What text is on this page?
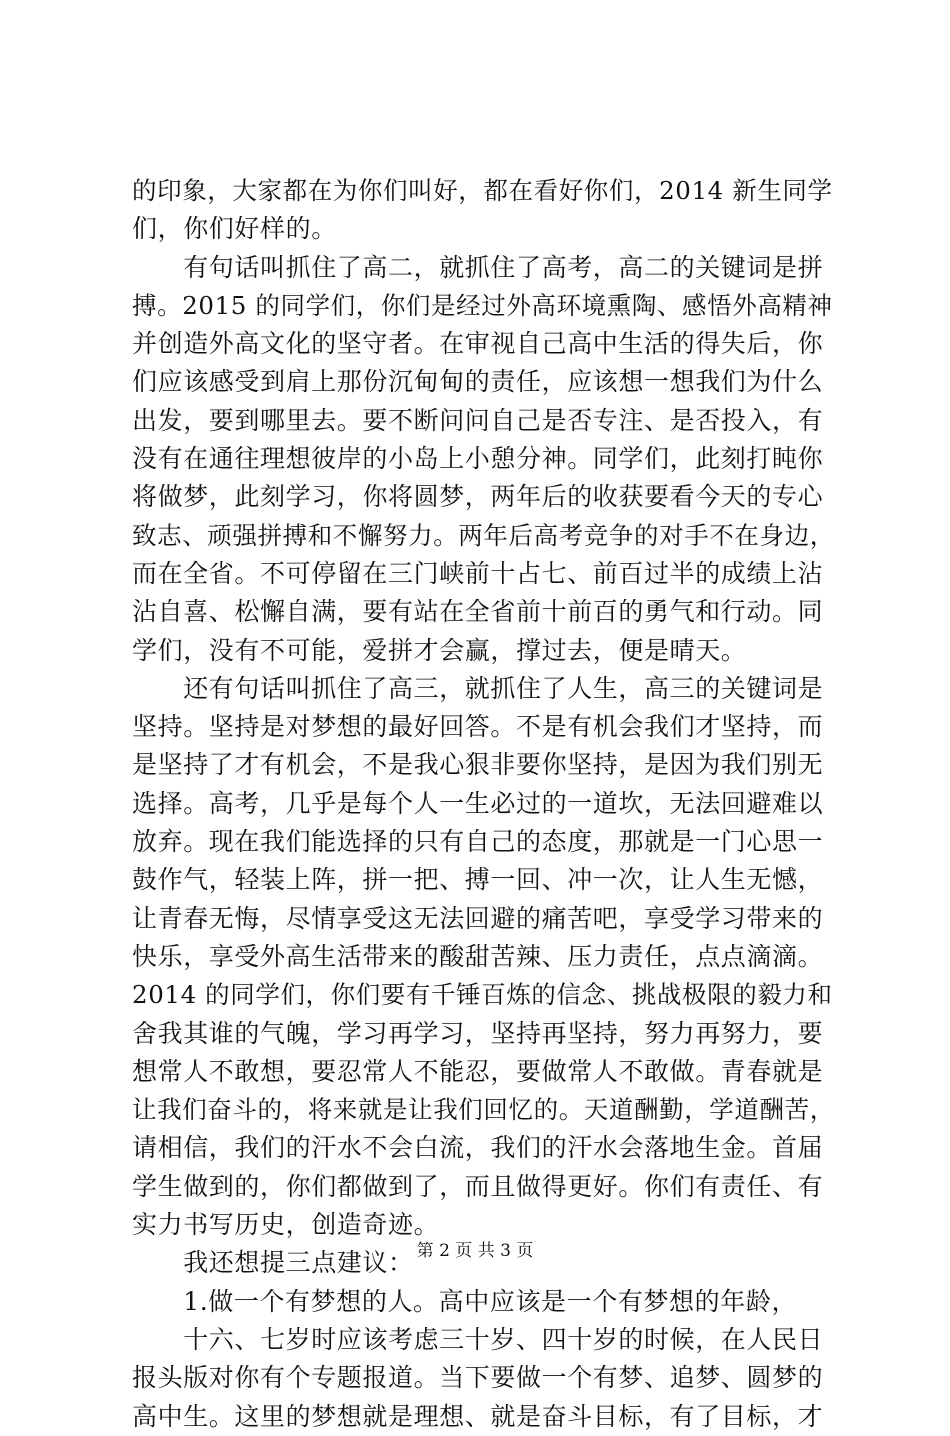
的印象，大家都在为你们叫好，都在看好你们，2014 新生同学
们，你们好样的。
　　有句话叫抓住了高二，就抓住了高考，高二的关键词是拼
搏。2015 的同学们，你们是经过外高环境熏陶、感悟外高精神
并创造外高文化的坚守者。在审视自己高中生活的得失后，你
们应该感受到肩上那份沉甸甸的责任，应该想一想我们为什么
出发，要到哪里去。要不断问问自己是否专注、是否投入，有
没有在通往理想彼岸的小岛上小憩分神。同学们，此刻打盹你
将做梦，此刻学习，你将圆梦，两年后的收获要看今天的专心
致志、顽强拼搏和不懈努力。两年后高考竞争的对手不在身边，
而在全省。不可停留在三门峡前十占七、前百过半的成绩上沾
沾自喜、松懈自满，要有站在全省前十前百的勇气和行动。同
学们，没有不可能，爱拼才会赢，撑过去，便是晴天。
　　还有句话叫抓住了高三，就抓住了人生，高三的关键词是
坚持。坚持是对梦想的最好回答。不是有机会我们才坚持，而
是坚持了才有机会，不是我心狠非要你坚持，是因为我们别无
选择。高考，几乎是每个人一生必过的一道坎，无法回避难以
放弃。现在我们能选择的只有自己的态度，那就是一门心思一
鼓作气，轻装上阵，拼一把、搏一回、冲一次，让人生无憾，
让青春无悔，尽情享受这无法回避的痛苦吧，享受学习带来的
快乐，享受外高生活带来的酸甜苦辣、压力责任，点点滴滴。
2014 的同学们，你们要有千锤百炼的信念、挑战极限的毅力和
舍我其谁的气魄，学习再学习，坚持再坚持，努力再努力，要
想常人不敢想，要忍常人不能忍，要做常人不敢做。青春就是
让我们奋斗的，将来就是让我们回忆的。天道酬勤，学道酬苦，
请相信，我们的汗水不会白流，我们的汗水会落地生金。首届
学生做到的，你们都做到了，而且做得更好。你们有责任、有
实力书写历史，创造奇迹。
　　我还想提三点建议：
　　1.做一个有梦想的人。高中应该是一个有梦想的年龄，
　　十六、七岁时应该考虑三十岁、四十岁的时候，在人民日
报头版对你有个专题报道。当下要做一个有梦、追梦、圆梦的
高中生。这里的梦想就是理想、就是奋斗目标，有了目标，才
第 2 页 共 3 页
